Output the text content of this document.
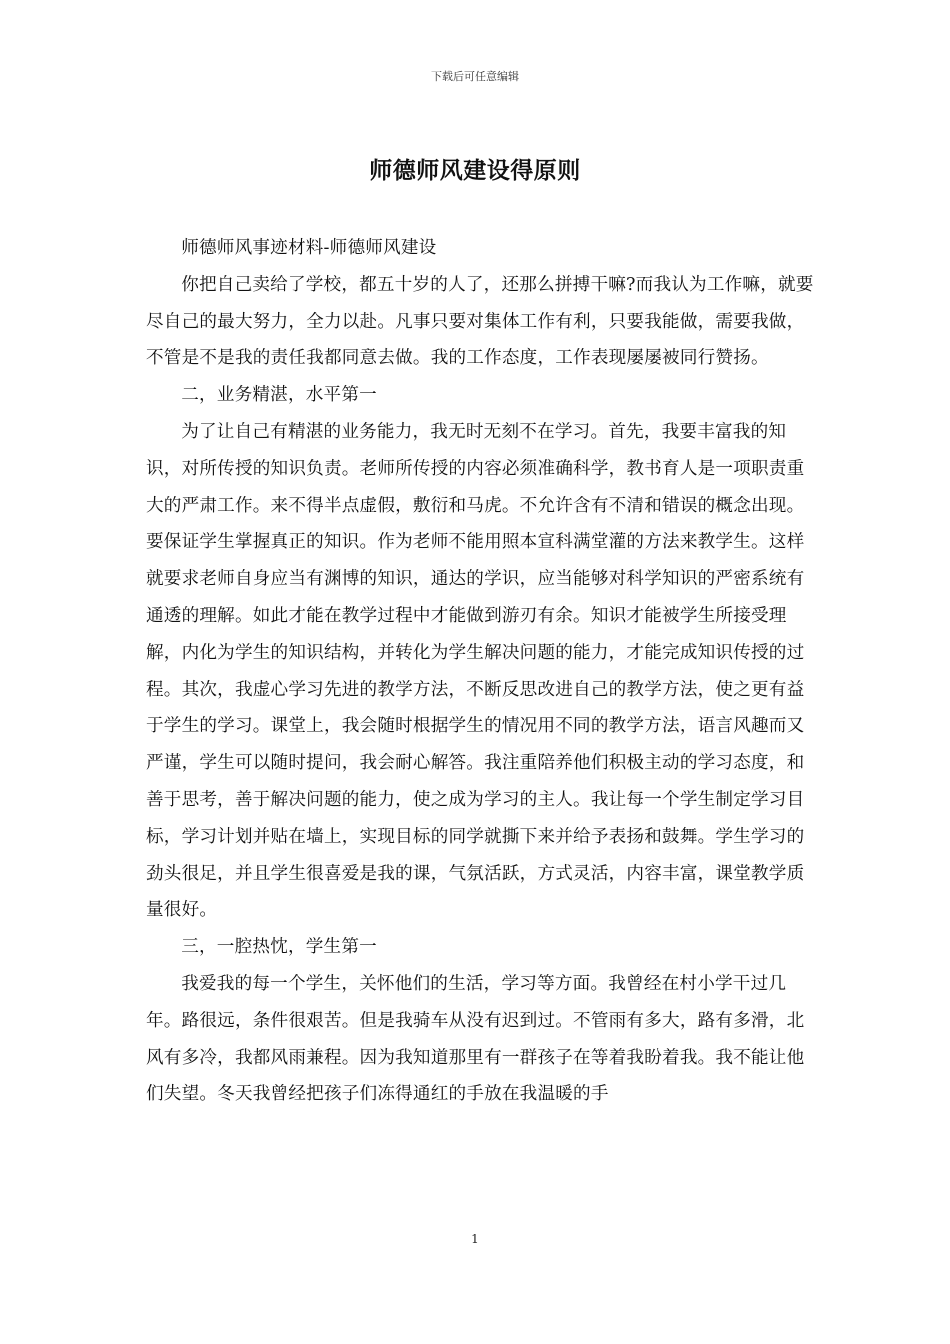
下载后可任意编辑
师德师风建设得原则

师德师风事迹材料-师德师风建设

你把自己卖给了学校，都五十岁的人了，还那么拼搏干嘛?而我认为工作嘛，就要尽自己的最大努力，全力以赴。凡事只要对集体工作有利，只要我能做，需要我做，不管是不是我的责任我都同意去做。我的工作态度，工作表现屡屡被同行赞扬。

二，业务精湛，水平第一

为了让自己有精湛的业务能力，我无时无刻不在学习。首先，我要丰富我的知识，对所传授的知识负责。老师所传授的内容必须准确科学，教书育人是一项职责重大的严肃工作。来不得半点虚假，敷衍和马虎。不允许含有不清和错误的概念出现。要保证学生掌握真正的知识。作为老师不能用照本宣科满堂灌的方法来教学生。这样就要求老师自身应当有渊博的知识，通达的学识，应当能够对科学知识的严密系统有通透的理解。如此才能在教学过程中才能做到游刃有余。知识才能被学生所接受理解，内化为学生的知识结构，并转化为学生解决问题的能力，才能完成知识传授的过程。其次，我虚心学习先进的教学方法，不断反思改进自己的教学方法，使之更有益于学生的学习。课堂上，我会随时根据学生的情况用不同的教学方法，语言风趣而又严谨，学生可以随时提问，我会耐心解答。我注重陪养他们积极主动的学习态度，和善于思考，善于解决问题的能力，使之成为学习的主人。我让每一个学生制定学习目标，学习计划并贴在墙上，实现目标的同学就撕下来并给予表扬和鼓舞。学生学习的劲头很足，并且学生很喜爱是我的课，气氛活跃，方式灵活，内容丰富，课堂教学质量很好。

三，一腔热忱，学生第一

我爱我的每一个学生，关怀他们的生活，学习等方面。我曾经在村小学干过几年。路很远，条件很艰苦。但是我骑车从没有迟到过。不管雨有多大，路有多滑，北风有多冷，我都风雨兼程。因为我知道那里有一群孩子在等着我盼着我。我不能让他们失望。冬天我曾经把孩子们冻得通红的手放在我温暖的手

1
